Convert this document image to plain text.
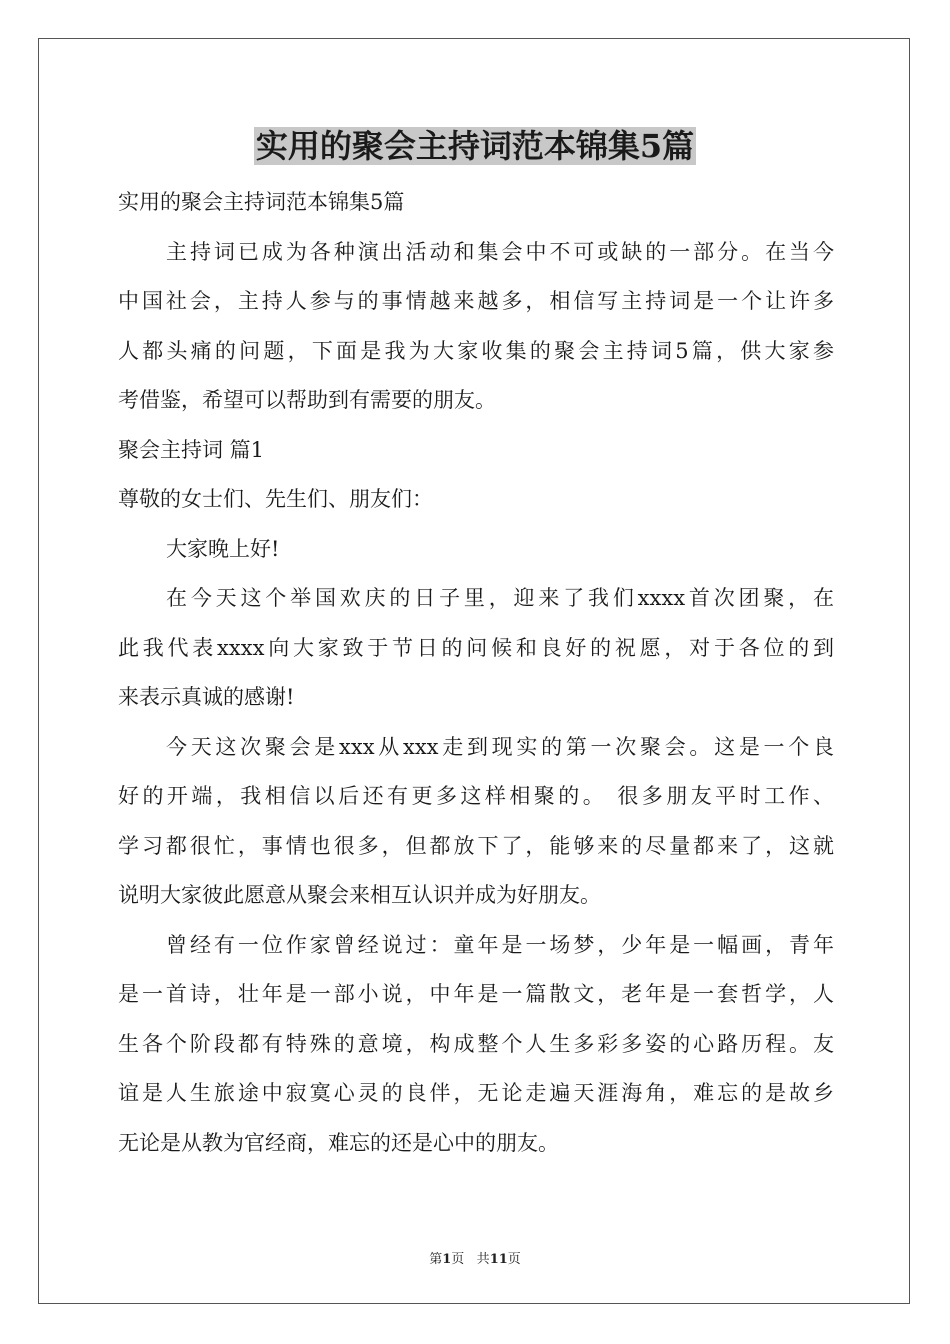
实用的聚会主持词范本锦集5篇
实用的聚会主持词范本锦集5篇
主持词已成为各种演出活动和集会中不可或缺的一部分。在当今
中国社会，主持人参与的事情越来越多，相信写主持词是一个让许多
人都头痛的问题，下面是我为大家收集的聚会主持词5篇，供大家参
考借鉴，希望可以帮助到有需要的朋友。
聚会主持词 篇1
尊敬的女士们、先生们、朋友们：
大家晚上好!
在今天这个举国欢庆的日子里，迎来了我们xxxx首次团聚，在
此我代表xxxx向大家致于节日的问候和良好的祝愿，对于各位的到
来表示真诚的感谢!
今天这次聚会是xxx从xxx走到现实的第一次聚会。这是一个良
好的开端，我相信以后还有更多这样相聚的。 很多朋友平时工作、
学习都很忙，事情也很多，但都放下了，能够来的尽量都来了，这就
说明大家彼此愿意从聚会来相互认识并成为好朋友。
曾经有一位作家曾经说过：童年是一场梦，少年是一幅画，青年
是一首诗，壮年是一部小说，中年是一篇散文，老年是一套哲学，人
生各个阶段都有特殊的意境，构成整个人生多彩多姿的心路历程。友
谊是人生旅途中寂寞心灵的良伴，无论走遍天涯海角，难忘的是故乡
无论是从教为官经商，难忘的还是心中的朋友。
第1页 共11页
